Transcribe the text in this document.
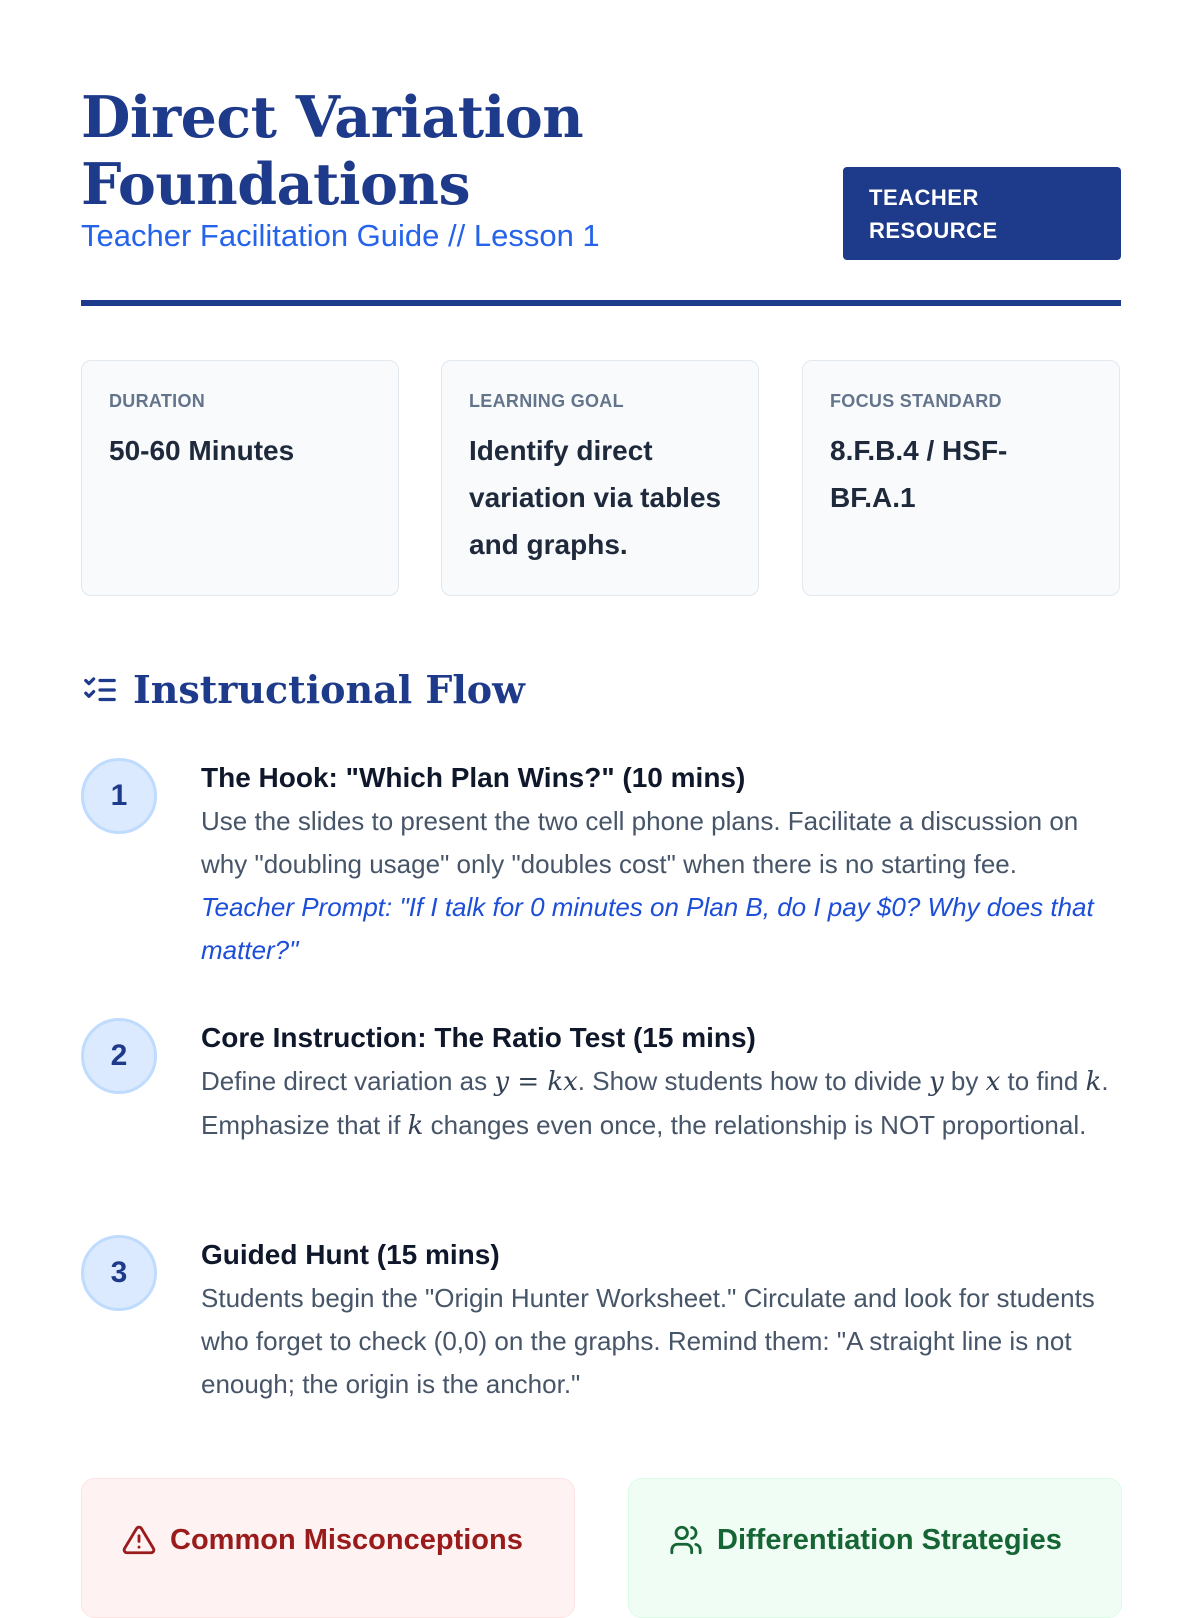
Direct Variation Foundations
Teacher Facilitation Guide // Lesson 1
TEACHER RESOURCE
DURATION
50-60 Minutes
LEARNING GOAL
Identify direct variation via tables and graphs.
FOCUS STANDARD
8.F.B.4 / HSF-BF.A.1
Instructional Flow
1

The Hook: "Which Plan Wins?" (10 mins)

Use the slides to present the two cell phone plans. Facilitate a discussion on why "doubling usage" only "doubles cost" when there is no starting fee.

Teacher Prompt: "If I talk for 0 minutes on Plan B, do I pay $0? Why does that matter?"

2

Core Instruction: The Ratio Test (15 mins)

Define direct variation as y = kx. Show students how to divide y by x to find k. Emphasize that if k changes even once, the relationship is NOT proportional.

3

Guided Hunt (15 mins)

Students begin the "Origin Hunter Worksheet." Circulate and look for students who forget to check (0,0) on the graphs. Remind them: "A straight line is not enough; the origin is the anchor."

Common Misconceptions	Differentiation Strategies
